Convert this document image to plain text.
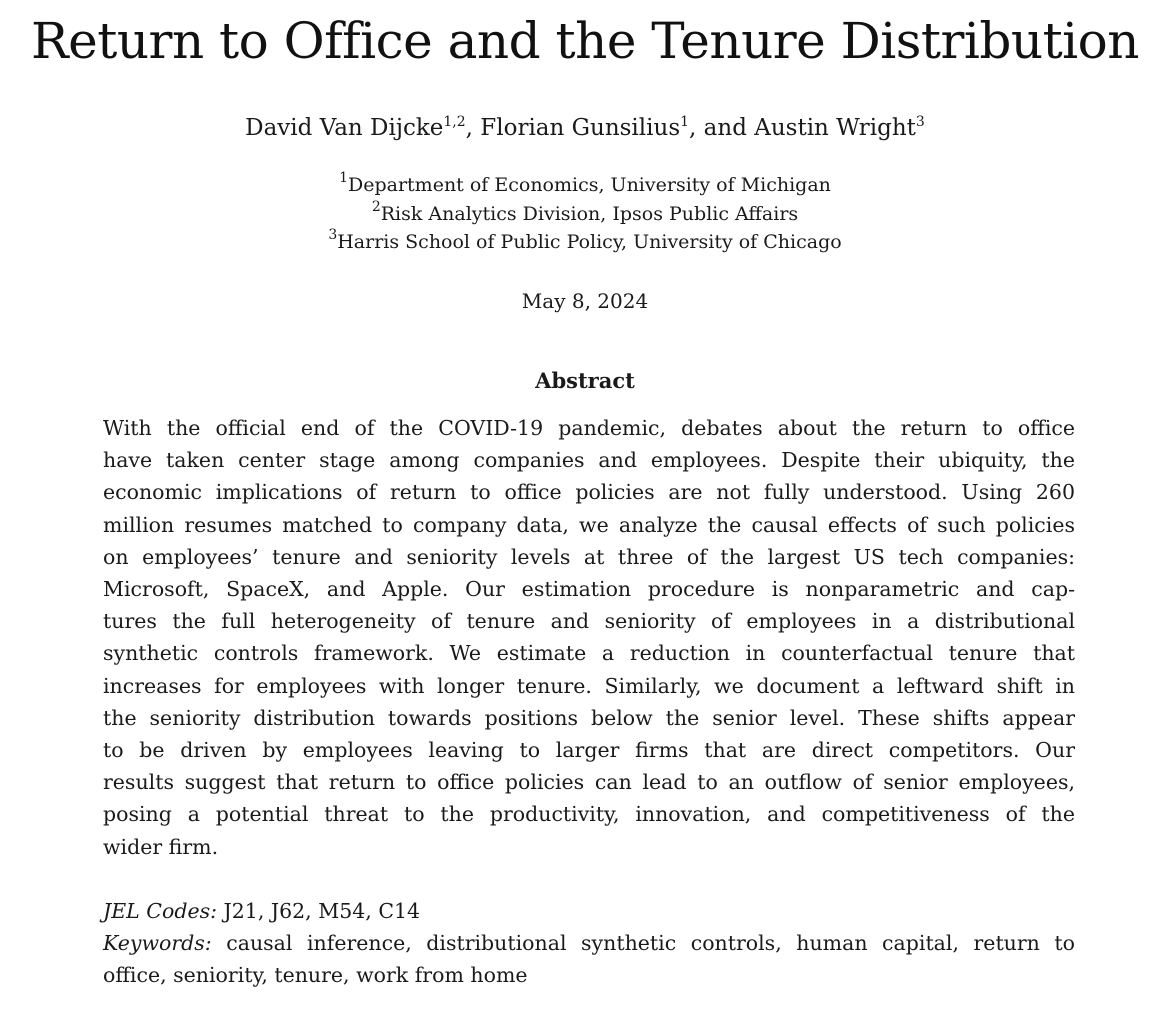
Return to Office and the Tenure Distribution
David Van Dijcke$^{1,2}$, Florian Gunsilius$^1$, and Austin Wright$^3$
$^1$Department of Economics, University of Michigan
$^2$Risk Analytics Division, Ipsos Public Affairs
$^3$Harris School of Public Policy, University of Chicago
May 8, 2024
Abstract

With the official end of the COVID-19 pandemic, debates about the return to office
have taken center stage among companies and employees. Despite their ubiquity, the
economic implications of return to office policies are not fully understood. Using 260
million resumes matched to company data, we analyze the causal effects of such policies
on employees’ tenure and seniority levels at three of the largest US tech companies:
Microsoft, SpaceX, and Apple. Our estimation procedure is nonparametric and cap-
tures the full heterogeneity of tenure and seniority of employees in a distributional
synthetic controls framework. We estimate a reduction in counterfactual tenure that
increases for employees with longer tenure. Similarly, we document a leftward shift in
the seniority distribution towards positions below the senior level. These shifts appear
to be driven by employees leaving to larger firms that are direct competitors. Our
results suggest that return to office policies can lead to an outflow of senior employees,
posing a potential threat to the productivity, innovation, and competitiveness of the
wider firm.

JEL Codes: J21, J62, M54, C14
Keywords: causal inference, distributional synthetic controls, human capital, return to
office, seniority, tenure, work from home
